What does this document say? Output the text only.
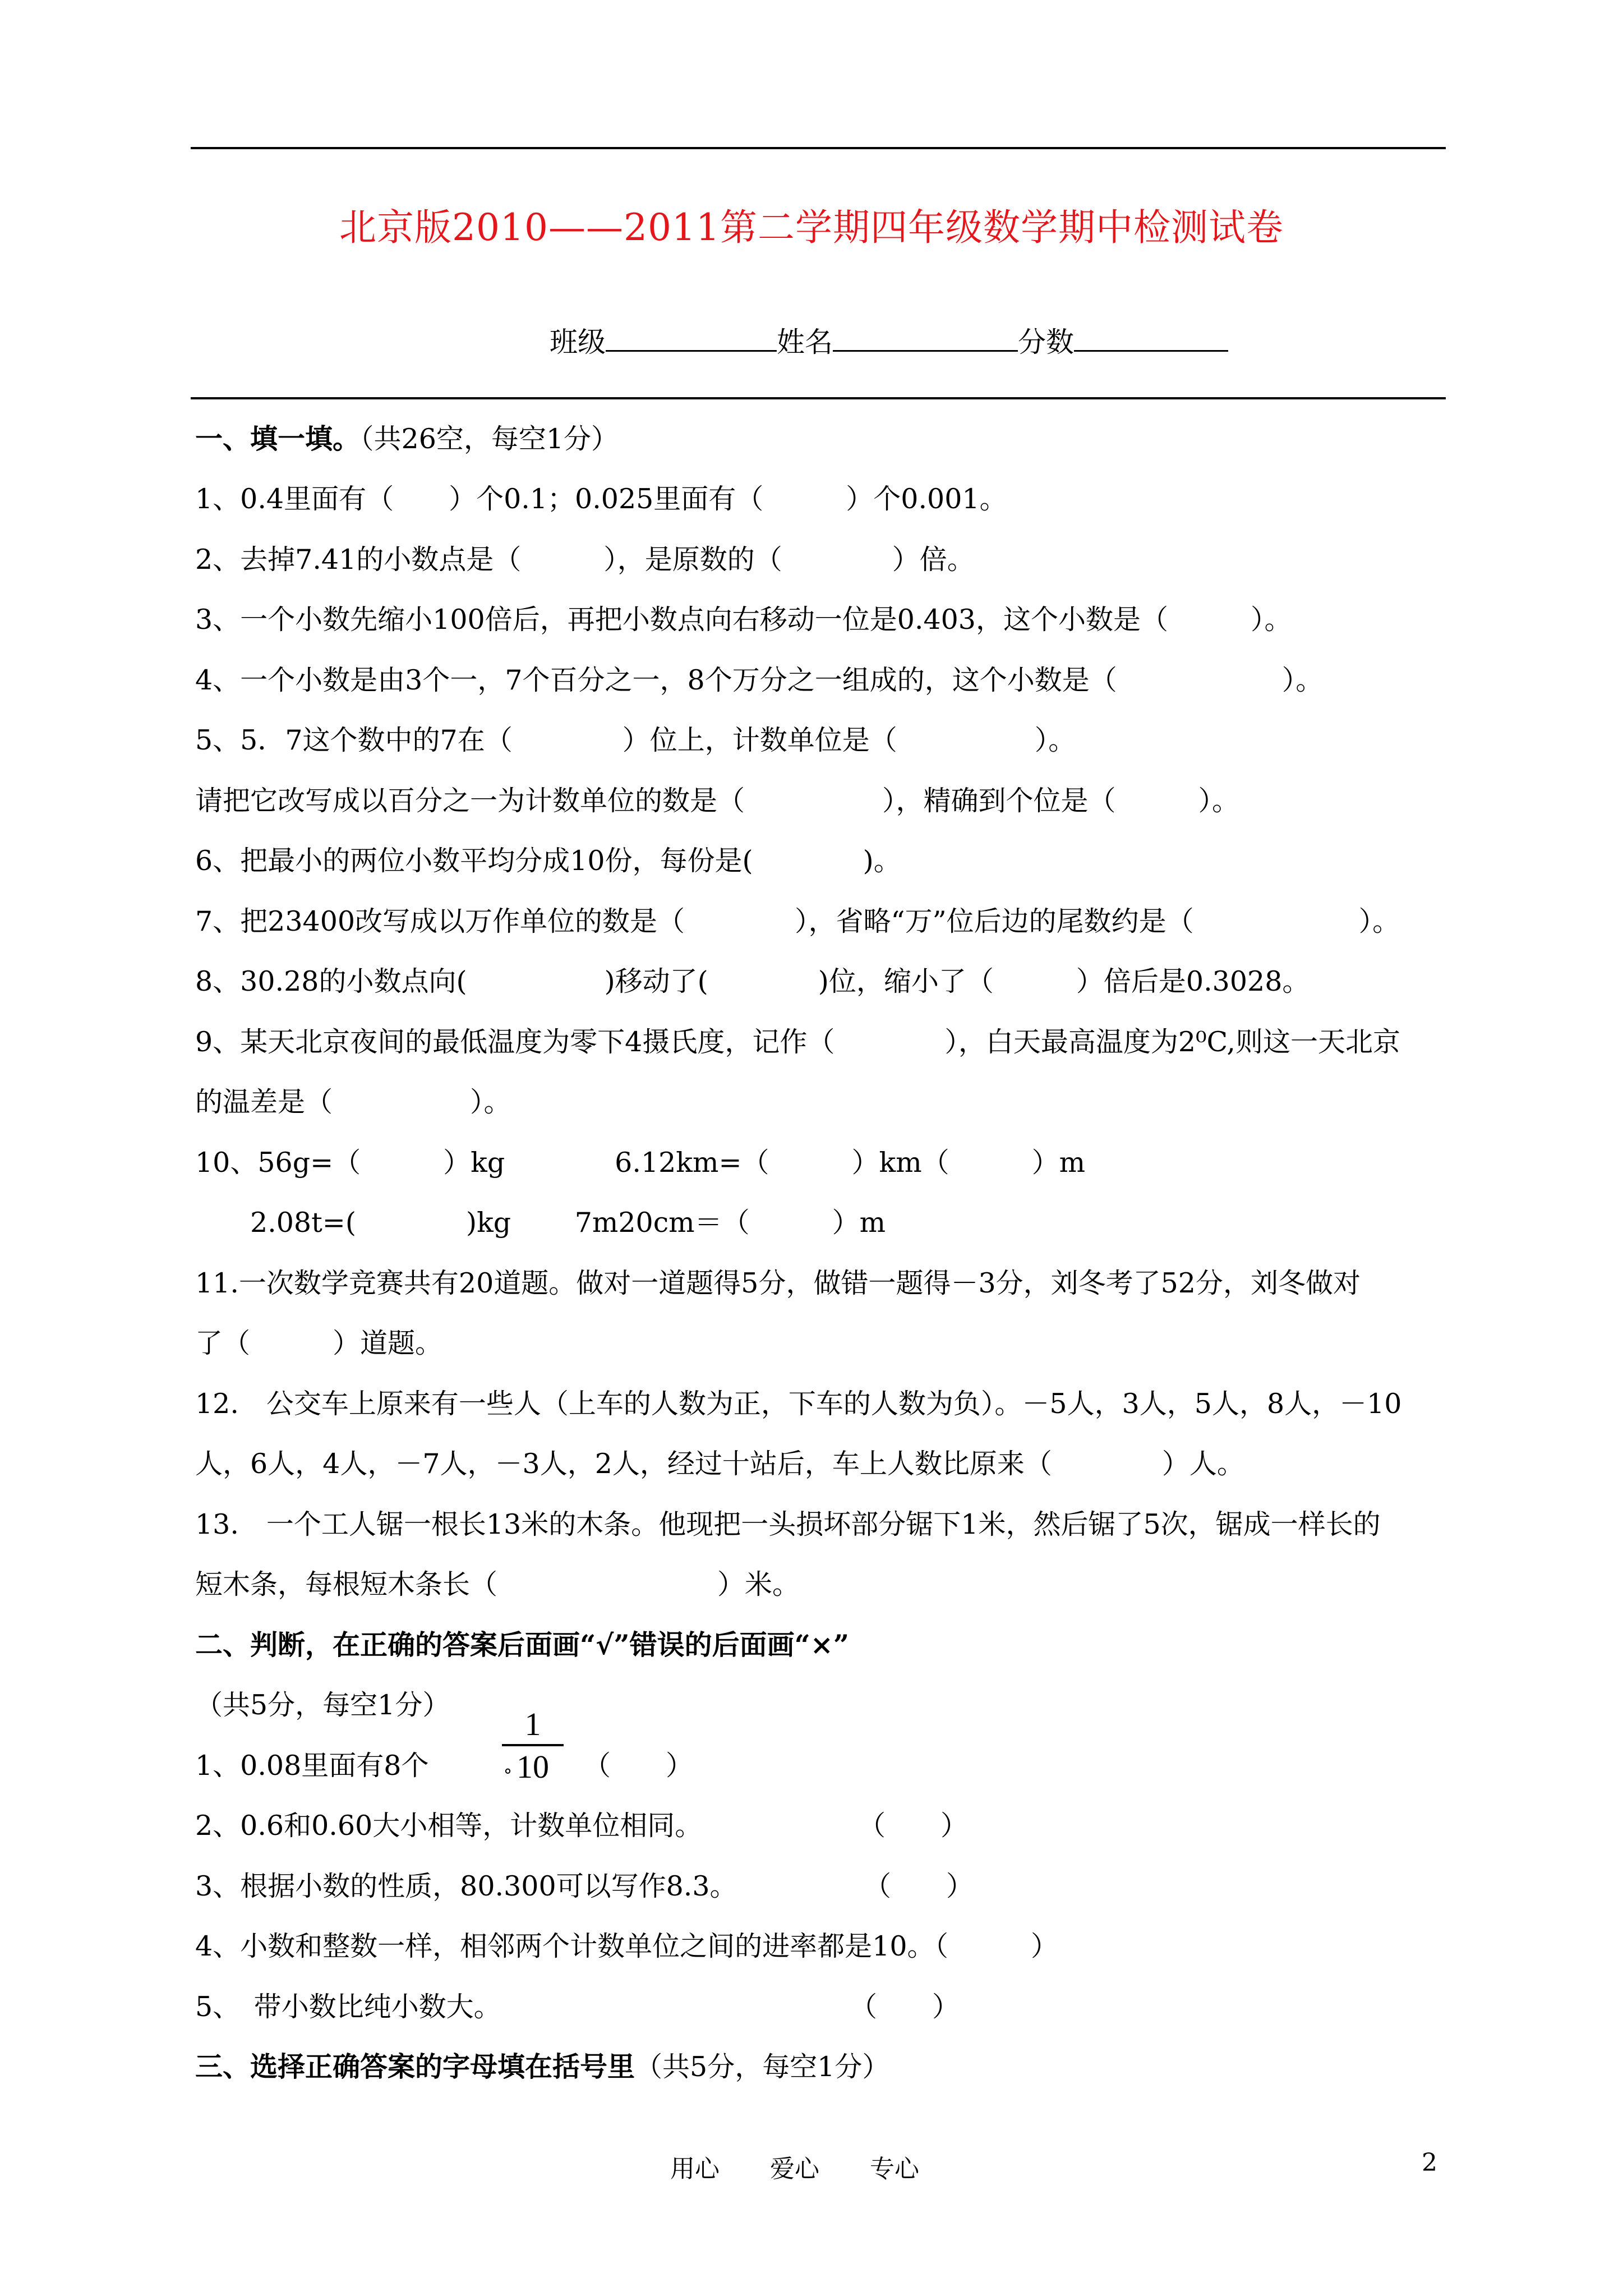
北京版2010——2011第二学期四年级数学期中检测试卷
班级	姓名	分数
一、填一填。（共26空，每空1分）
1、0.4里面有（　　）个0.1；0.025里面有（　　　）个0.001。
2、去掉7.41的小数点是（　　　），是原数的（　　　　）倍。
3、一个小数先缩小100倍后，再把小数点向右移动一位是0.403，这个小数是（　　　）。
4、一个小数是由3个一，7个百分之一，8个万分之一组成的，这个小数是（　　　　　　）。
5、5．7这个数中的7在（　　　　）位上，计数单位是（　　　　　）。
请把它改写成以百分之一为计数单位的数是（　　　　　），精确到个位是（　　　）。
6、把最小的两位小数平均分成10份，每份是(　　　　)。
7、把23400改写成以万作单位的数是（　　　　），省略“万”位后边的尾数约是（　　　　　　）。
8、30.28的小数点向(　　　　　)移动了(　　　　)位，缩小了（　　　）倍后是0.3028。
9、某天北京夜间的最低温度为零下4摄氏度，记作（　　　　），白天最高温度为2⁰C,则这一天北京
的温差是（　　　　　）。
10、56g=（　　　）kg　　　　6.12km=（　　　）km（　　　）m
　　2.08t=(　　　　)kg　　 7m20cm＝（　　　）m
11.一次数学竞赛共有20道题。做对一道题得5分，做错一题得－3分，刘冬考了52分，刘冬做对
了（　　　）道题。
12.　公交车上原来有一些人（上车的人数为正，下车的人数为负）。－5人，3人，5人，8人，－10
人，6人，4人，－7人，－3人，2人，经过十站后，车上人数比原来（　　　　）人。
13.　一个工人锯一根长13米的木条。他现把一头损坏部分锯下1米，然后锯了5次，锯成一样长的
短木条，每根短木条长（　　　　　　　　）米。
二、判断，在正确的答案后面画“√”错误的后面画“×”
（共5分，每空1分）
1、0.08里面有8个
1
10
°	（　　）
2、0.6和0.60大小相等，计数单位相同。	（　　）
3、根据小数的性质，80.300可以写作8.3。	（　　）
4、小数和整数一样，相邻两个计数单位之间的进率都是10。（　　　）
5、　带小数比纯小数大。	（　　）
三、选择正确答案的字母填在括号里（共5分，每空1分）
用心 爱心 专心	2
